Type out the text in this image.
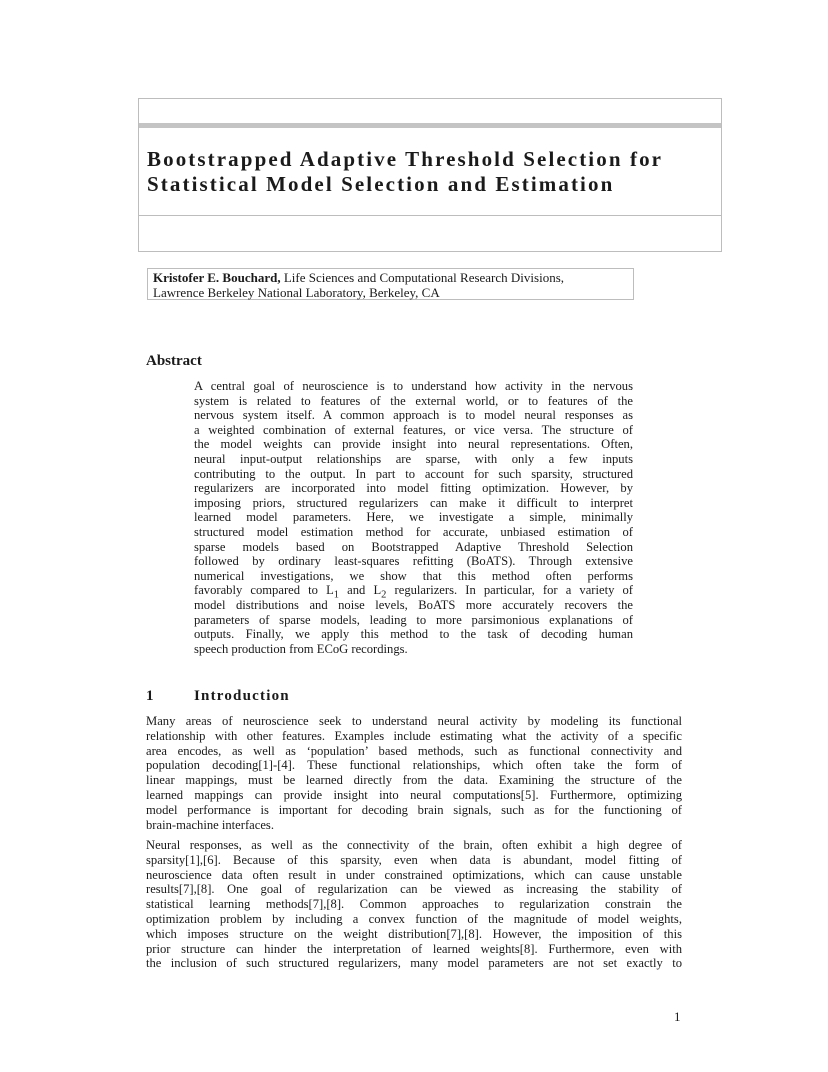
Bootstrapped Adaptive Threshold Selection for
Statistical Model Selection and Estimation
Kristofer E. Bouchard, Life Sciences and Computational Research Divisions,
Lawrence Berkeley National Laboratory, Berkeley, CA
Abstract
A central goal of neuroscience is to understand how activity in the nervous
system is related to features of the external world, or to features of the
nervous system itself. A common approach is to model neural responses as
a weighted combination of external features, or vice versa. The structure of
the model weights can provide insight into neural representations. Often,
neural input-output relationships are sparse, with only a few inputs
contributing to the output. In part to account for such sparsity, structured
regularizers are incorporated into model fitting optimization. However, by
imposing priors, structured regularizers can make it difficult to interpret
learned model parameters. Here, we investigate a simple, minimally
structured model estimation method for accurate, unbiased estimation of
sparse models based on Bootstrapped Adaptive Threshold Selection
followed by ordinary least-squares refitting (BoATS). Through extensive
numerical investigations, we show that this method often performs
favorably compared to $L_1$ and $L_2$ regularizers. In particular, for a variety of
model distributions and noise levels, BoATS more accurately recovers the
parameters of sparse models, leading to more parsimonious explanations of
outputs. Finally, we apply this method to the task of decoding human
speech production from ECoG recordings.
1	Introduction
Many areas of neuroscience seek to understand neural activity by modeling its functional
relationship with other features. Examples include estimating what the activity of a specific
area encodes, as well as ‘population’ based methods, such as functional connectivity and
population decoding[1]-[4]. These functional relationships, which often take the form of
linear mappings, must be learned directly from the data. Examining the structure of the
learned mappings can provide insight into neural computations[5]. Furthermore, optimizing
model performance is important for decoding brain signals, such as for the functioning of
brain-machine interfaces.
Neural responses, as well as the connectivity of the brain, often exhibit a high degree of
sparsity[1],[6]. Because of this sparsity, even when data is abundant, model fitting of
neuroscience data often result in under constrained optimizations, which can cause unstable
results[7],[8]. One goal of regularization can be viewed as increasing the stability of
statistical learning methods[7],[8]. Common approaches to regularization constrain the
optimization problem by including a convex function of the magnitude of model weights,
which imposes structure on the weight distribution[7],[8]. However, the imposition of this
prior structure can hinder the interpretation of learned weights[8]. Furthermore, even with
the inclusion of such structured regularizers, many model parameters are not set exactly to
1
